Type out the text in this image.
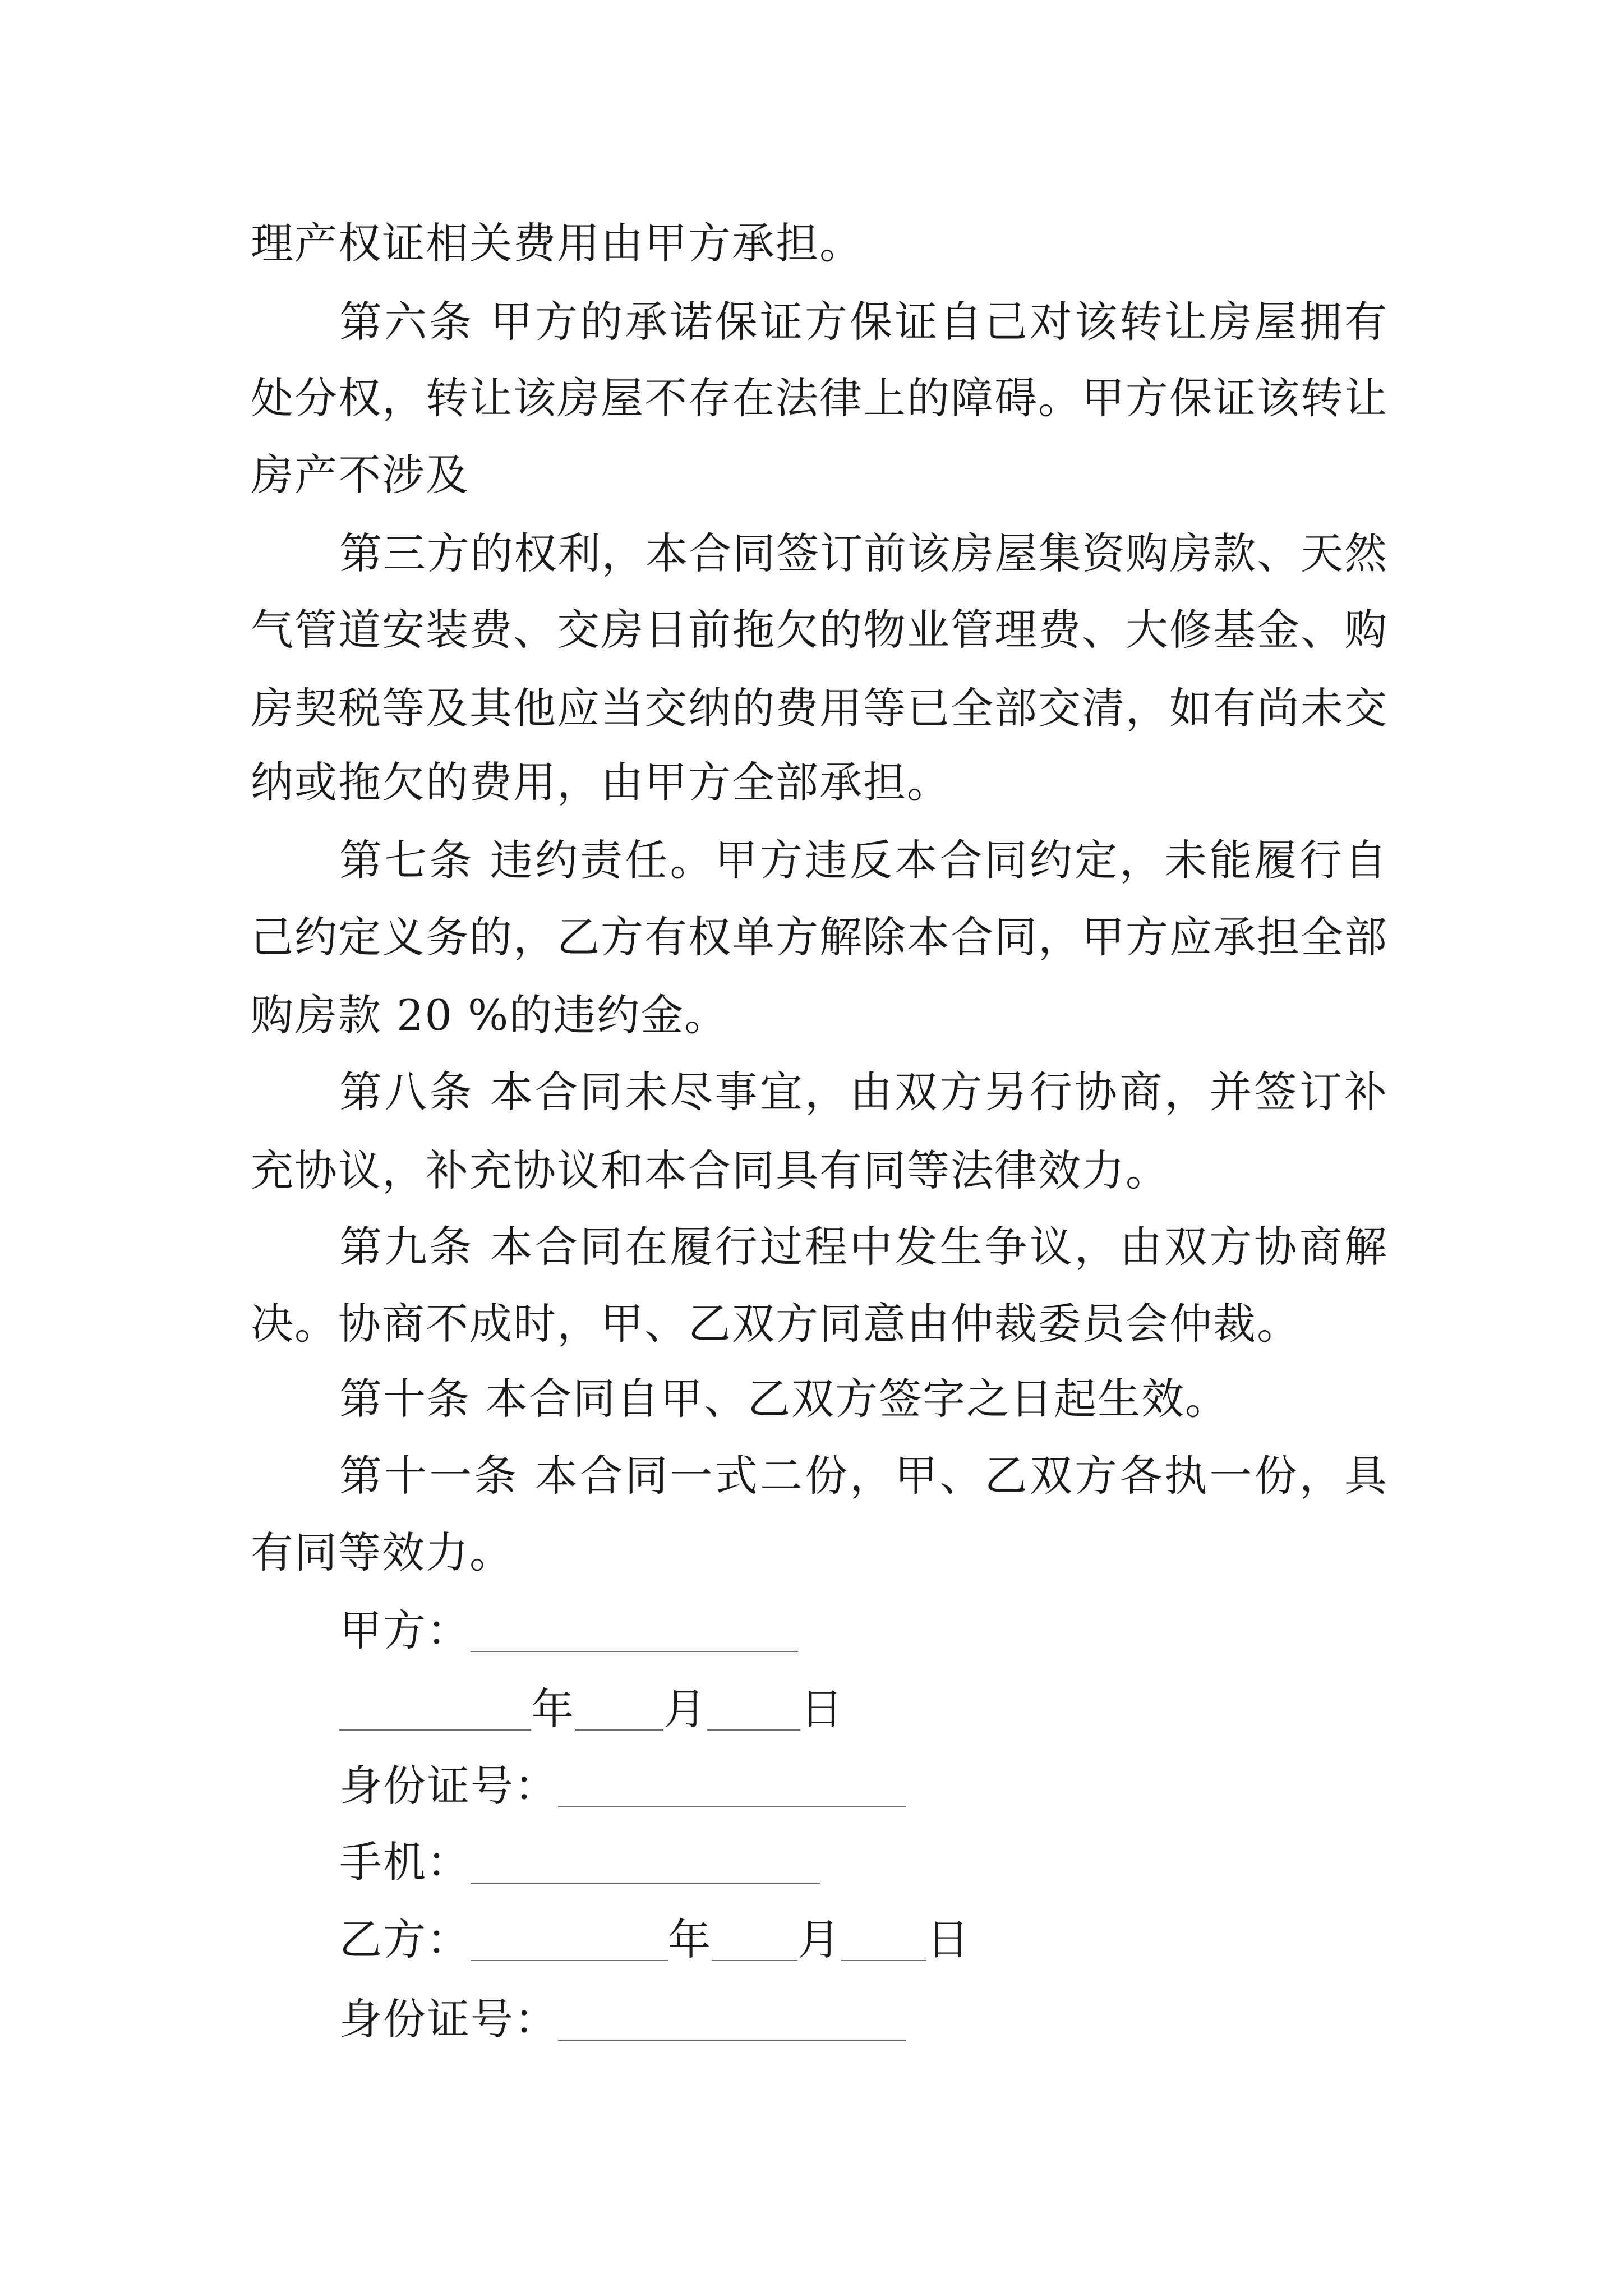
理产权证相关费用由甲方承担。
第六条 甲方的承诺保证方保证自己对该转让房屋拥有
处分权，转让该房屋不存在法律上的障碍。甲方保证该转让
房产不涉及
第三方的权利，本合同签订前该房屋集资购房款、天然
气管道安装费、交房日前拖欠的物业管理费、大修基金、购
房契税等及其他应当交纳的费用等已全部交清，如有尚未交
纳或拖欠的费用，由甲方全部承担。
第七条 违约责任。甲方违反本合同约定，未能履行自
己约定义务的，乙方有权单方解除本合同，甲方应承担全部
购房款 20 %的违约金。
第八条 本合同未尽事宜，由双方另行协商，并签订补
充协议，补充协议和本合同具有同等法律效力。
第九条 本合同在履行过程中发生争议，由双方协商解
决。协商不成时，甲、乙双方同意由仲裁委员会仲裁。
第十条 本合同自甲、乙双方签字之日起生效。
第十一条 本合同一式二份，甲、乙双方各执一份，具
有同等效力。
甲方：
年 月 日
身份证号：
手机：
乙方：	年 月 日
身份证号：
